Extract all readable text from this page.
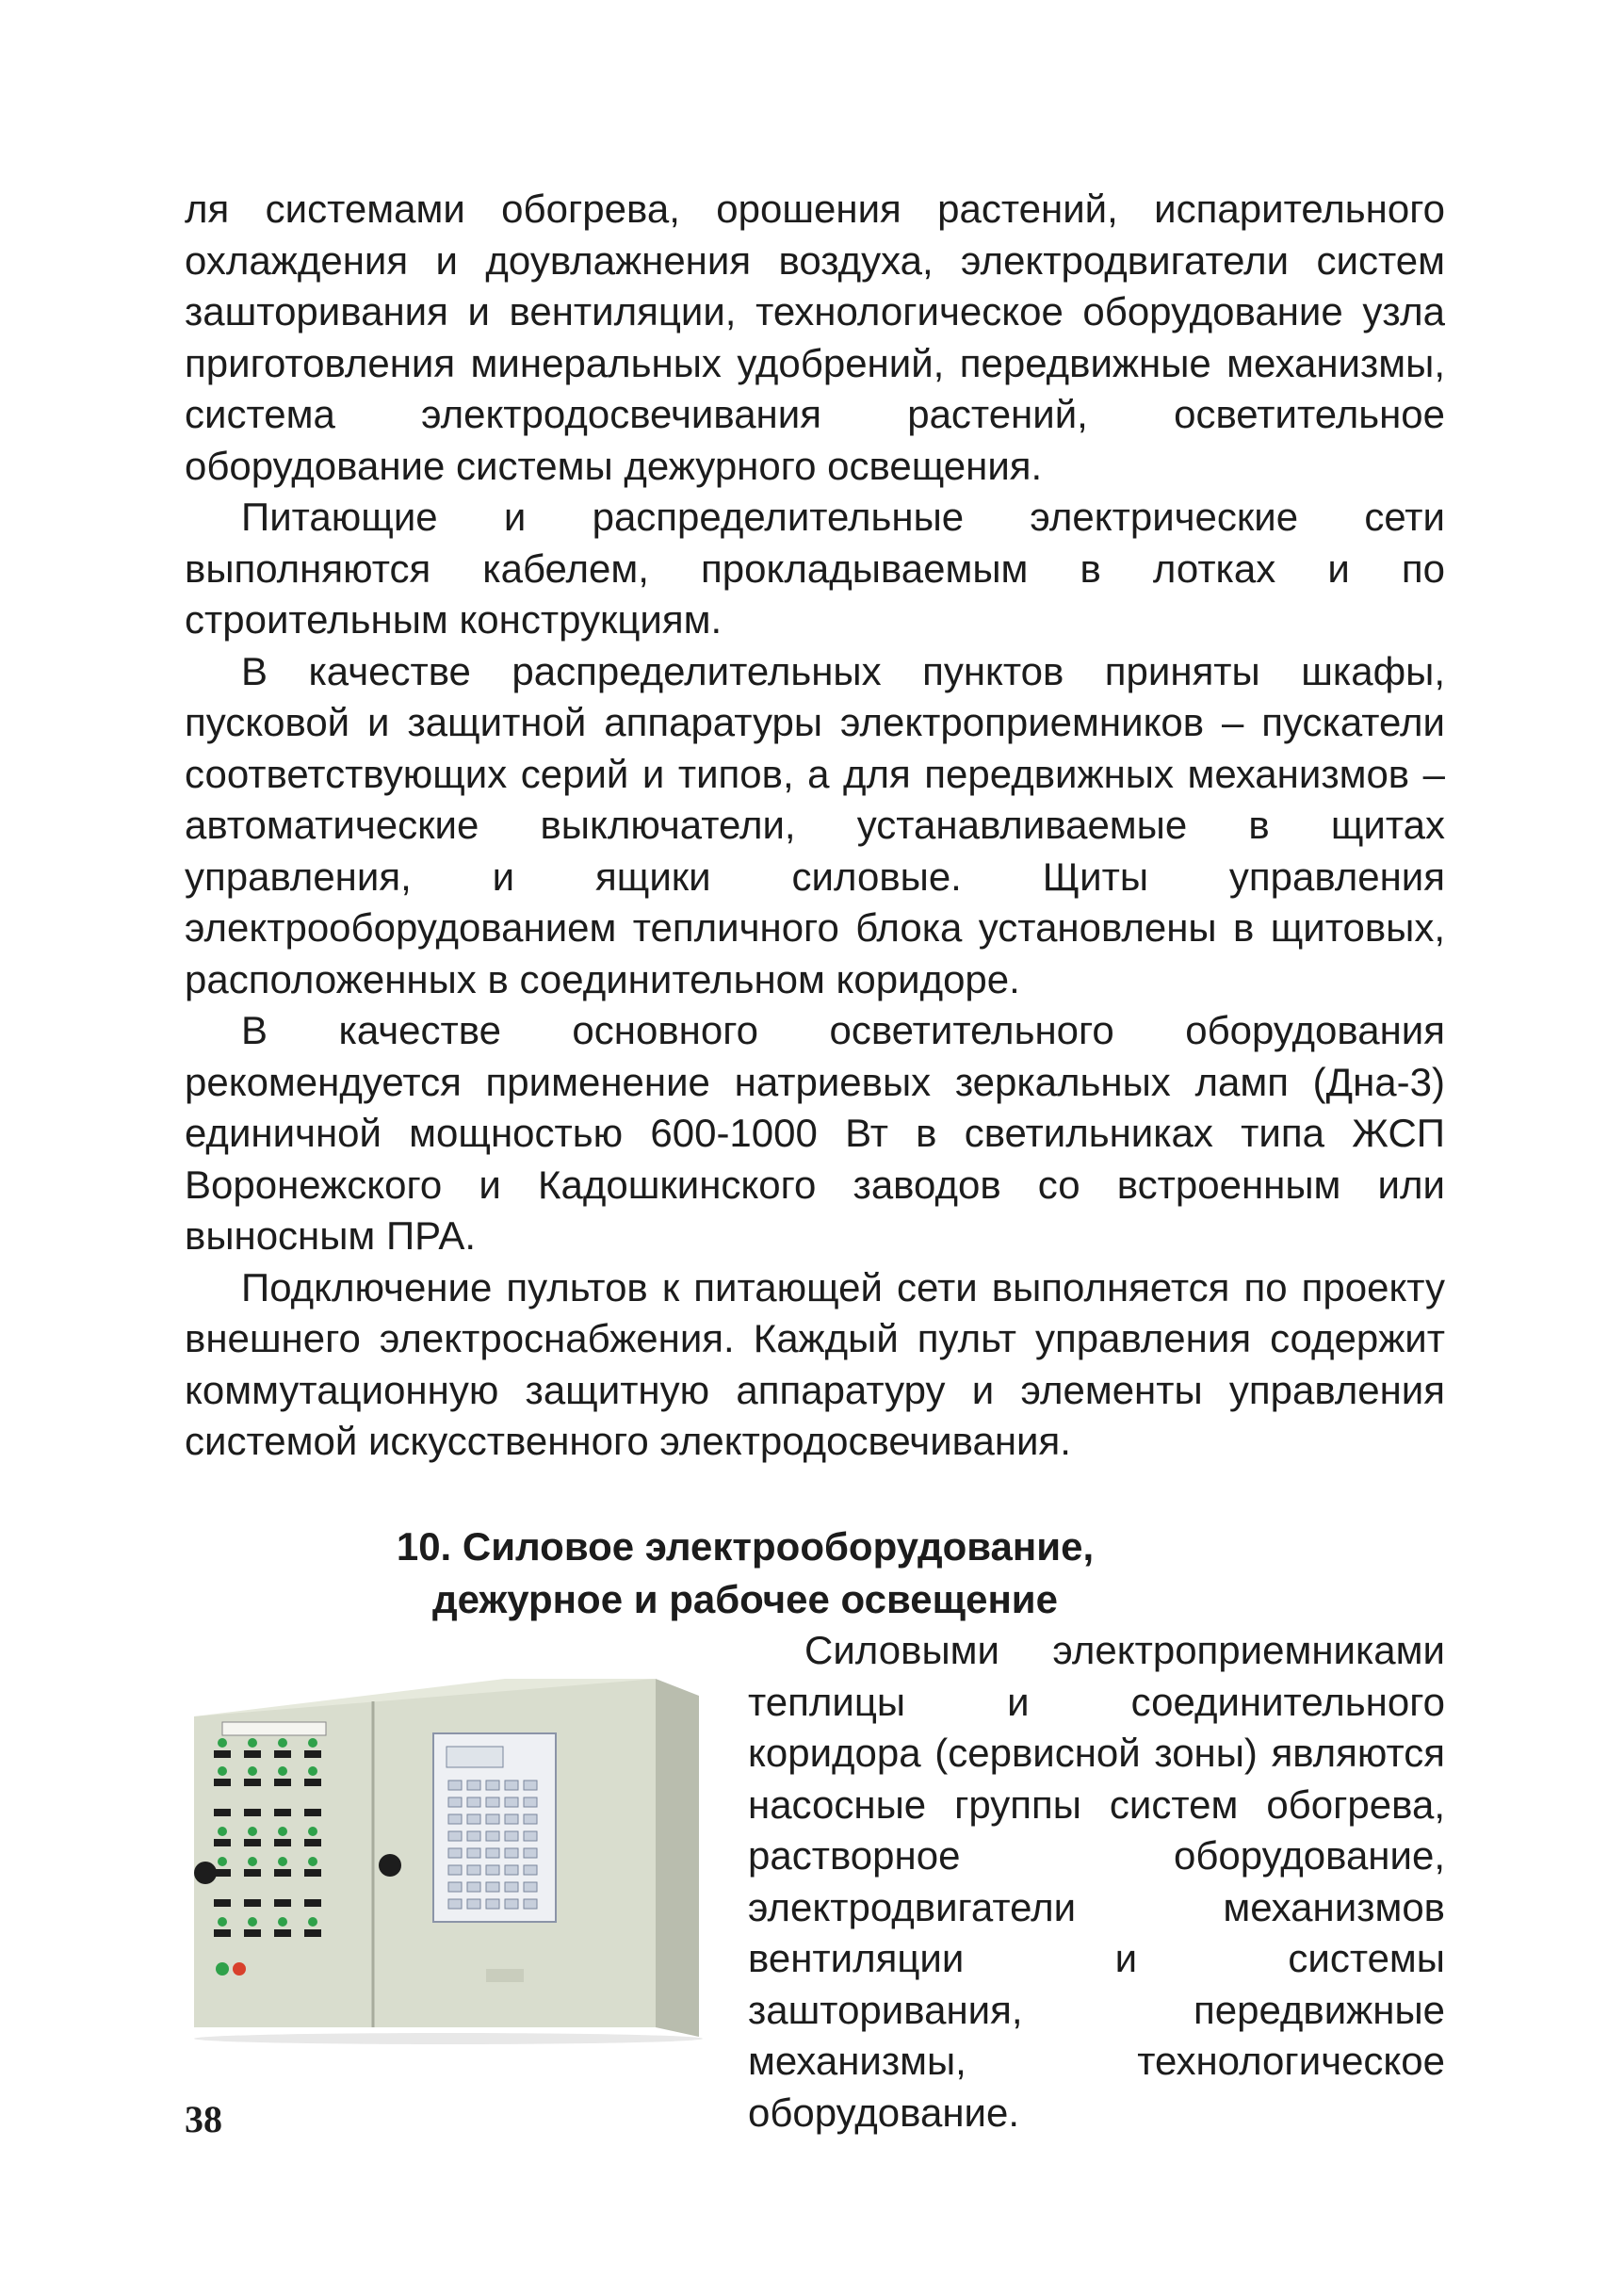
ля системами обогрева, орошения растений, испарительного охлаждения и доувлажнения воздуха, электродвигатели систем зашторивания и вентиляции, технологическое оборудование узла приготовления минеральных удобрений, передвижные механизмы, система электродосвечивания растений, осветительное оборудование системы дежурного освещения.

Питающие и распределительные электрические сети выполняются кабелем, прокладываемым в лотках и по строительным конструкциям.

В качестве распределительных пунктов приняты шкафы, пусковой и защитной аппаратуры электроприемников – пускатели соответствующих серий и типов, а для передвижных механизмов – автоматические выключатели, устанавливаемые в щитах управления, и ящики силовые. Щиты управления электрооборудованием тепличного блока установлены в щитовых, расположенных в соединительном коридоре.

В качестве основного осветительного оборудования рекомендуется применение натриевых зеркальных ламп (Дна-3) единичной мощностью 600-1000 Вт в светильниках типа ЖСП Воронежского и Кадошкинского заводов со встроенным или выносным ПРА.

Подключение пультов к питающей сети выполняется по проекту внешнего электроснабжения. Каждый пульт управления содержит коммутационную защитную аппаратуру и элементы управления системой искусственного электродосвечивания.

10. Силовое электрооборудование,
дежурное и рабочее освещение

Силовыми электроприемниками теплицы и соединительного коридора (сервисной зоны) являются насосные группы систем обогрева, растворное оборудование, электродвигатели механизмов вентиляции и системы зашторивания, передвижные механизмы, технологическое оборудование.

38
